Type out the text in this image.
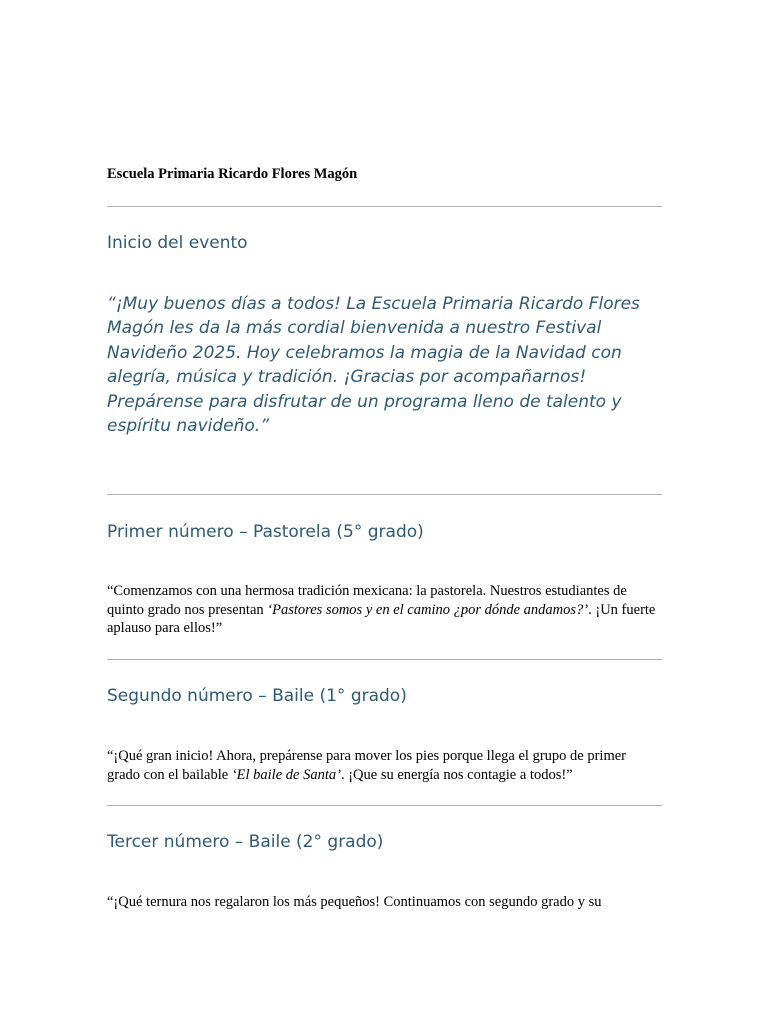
Escuela Primaria Ricardo Flores Magón
Inicio del evento
“¡Muy buenos días a todos! La Escuela Primaria Ricardo Flores Magón les da la más cordial bienvenida a nuestro Festival Navideño 2025. Hoy celebramos la magia de la Navidad con alegría, música y tradición. ¡Gracias por acompañarnos! Prepárense para disfrutar de un programa lleno de talento y espíritu navideño.”
Primer número – Pastorela (5° grado)
“Comenzamos con una hermosa tradición mexicana: la pastorela. Nuestros estudiantes de quinto grado nos presentan ‘Pastores somos y en el camino ¿por dónde andamos?’. ¡Un fuerte aplauso para ellos!”
Segundo número – Baile (1° grado)
“¡Qué gran inicio! Ahora, prepárense para mover los pies porque llega el grupo de primer grado con el bailable ‘El baile de Santa’. ¡Que su energía nos contagie a todos!”
Tercer número – Baile (2° grado)
“¡Qué ternura nos regalaron los más pequeños! Continuamos con segundo grado y su
